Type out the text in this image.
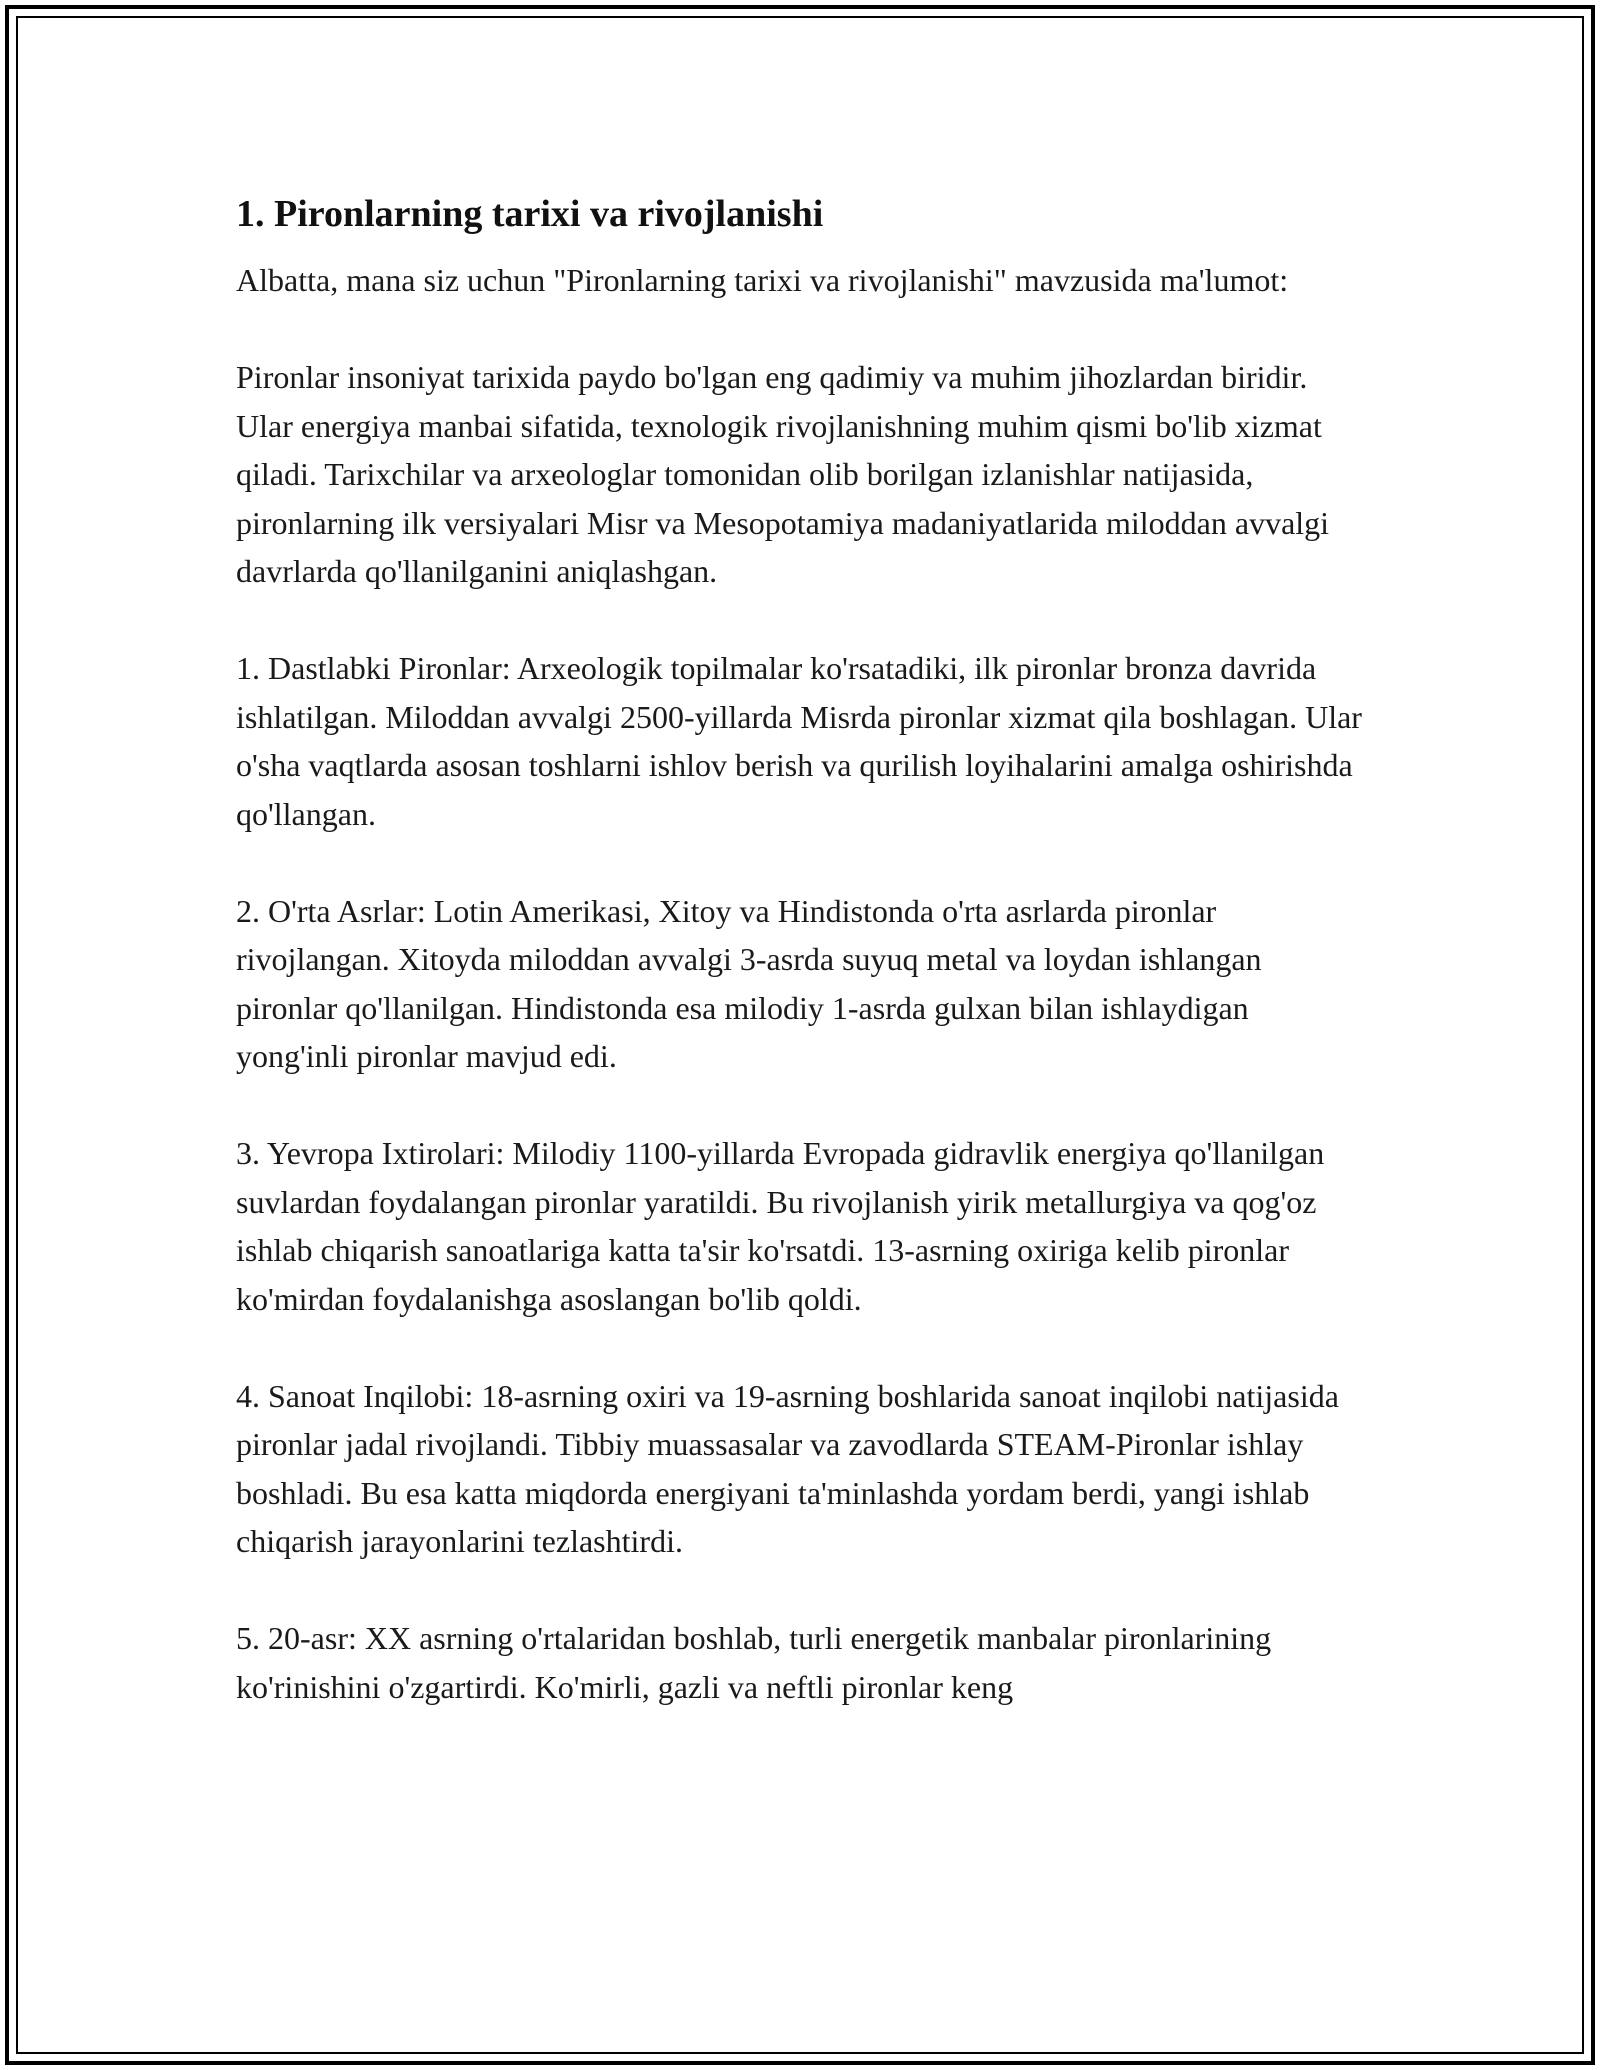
1. Pironlarning tarixi va rivojlanishi

Albatta, mana siz uchun "Pironlarning tarixi va rivojlanishi" mavzusida ma'lumot:

Pironlar insoniyat tarixida paydo bo'lgan eng qadimiy va muhim jihozlardan biridir. Ular energiya manbai sifatida, texnologik rivojlanishning muhim qismi bo'lib xizmat qiladi. Tarixchilar va arxeologlar tomonidan olib borilgan izlanishlar natijasida, pironlarning ilk versiyalari Misr va Mesopotamiya madaniyatlarida miloddan avvalgi davrlarda qo'llanilganini aniqlashgan.

1. Dastlabki Pironlar: Arxeologik topilmalar ko'rsatadiki, ilk pironlar bronza davrida ishlatilgan. Miloddan avvalgi 2500-yillarda Misrda pironlar xizmat qila boshlagan. Ular o'sha vaqtlarda asosan toshlarni ishlov berish va qurilish loyihalarini amalga oshirishda qo'llangan.

2. O'rta Asrlar: Lotin Amerikasi, Xitoy va Hindistonda o'rta asrlarda pironlar rivojlangan. Xitoyda miloddan avvalgi 3-asrda suyuq metal va loydan ishlangan pironlar qo'llanilgan. Hindistonda esa milodiy 1-asrda gulxan bilan ishlaydigan yong'inli pironlar mavjud edi.

3. Yevropa Ixtirolari: Milodiy 1100-yillarda Evropada gidravlik energiya qo'llanilgan suvlardan foydalangan pironlar yaratildi. Bu rivojlanish yirik metallurgiya va qog'oz ishlab chiqarish sanoatlariga katta ta'sir ko'rsatdi. 13-asrning oxiriga kelib pironlar ko'mirdan foydalanishga asoslangan bo'lib qoldi.

4. Sanoat Inqilobi: 18-asrning oxiri va 19-asrning boshlarida sanoat inqilobi natijasida pironlar jadal rivojlandi. Tibbiy muassasalar va zavodlarda STEAM-Pironlar ishlay boshladi. Bu esa katta miqdorda energiyani ta'minlashda yordam berdi, yangi ishlab chiqarish jarayonlarini tezlashtirdi.

5. 20-asr: XX asrning o'rtalaridan boshlab, turli energetik manbalar pironlarining ko'rinishini o'zgartirdi. Ko'mirli, gazli va neftli pironlar keng
